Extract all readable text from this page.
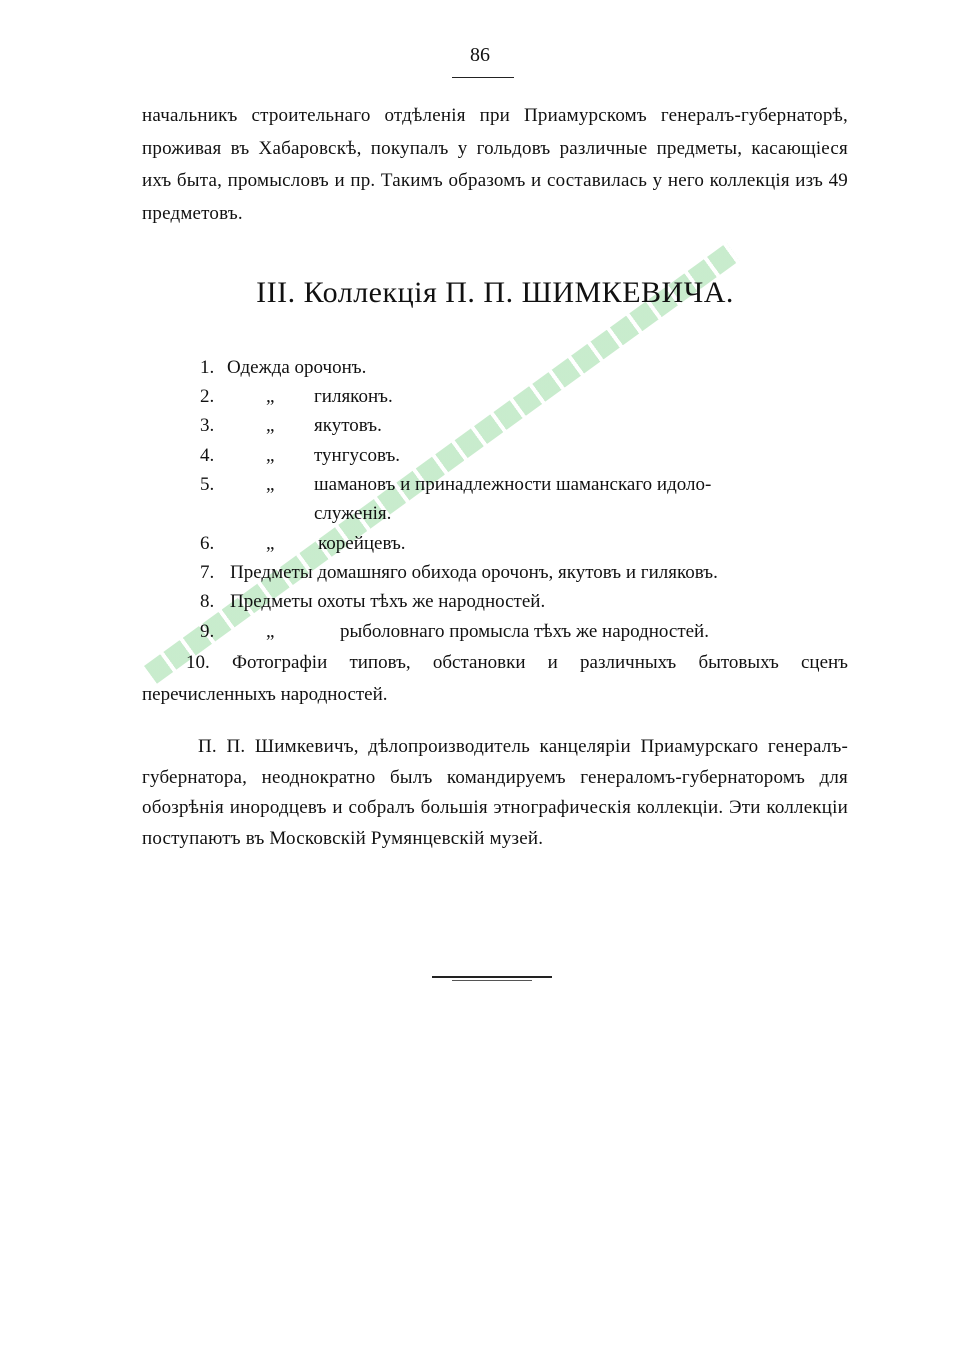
86
начальникъ строительнаго отдѣленія при Приамурскомъ генералъ-губернаторѣ, проживая въ Хабаровскѣ, покупалъ у гольдовъ различные предметы, касающіеся ихъ быта, промысловъ и пр. Такимъ образомъ и составилась у него коллекція изъ 49 предметовъ.
III. Коллекція П. П. ШИМКЕВИЧА.
1. Одежда орочонъ.
2.	„ гиляконъ.
3.	„ якутовъ.
4.	„ тунгусовъ.
5.	„ шамановъ и принадлежности шаманскаго идоло-
служенія.
6.	„ корейцевъ.
7. Предметы домашняго обихода орочонъ, якутовъ и гиляковъ.
8. Предметы охоты тѣхъ же народностей.
9.	„	рыболовнаго промысла тѣхъ же народностей.
10. Фотографіи типовъ, обстановки и различныхъ бытовыхъ сценъ перечисленныхъ народностей.
П. П. Шимкевичъ, дѣлопроизводитель канцеляріи Приамурскаго генералъ-губернатора, неоднократно былъ командируемъ генераломъ-губернаторомъ для обозрѣнія инородцевъ и собралъ большія этнографическія коллекціи. Эти коллекціи поступаютъ въ Московскій Румянцевскій музей.
